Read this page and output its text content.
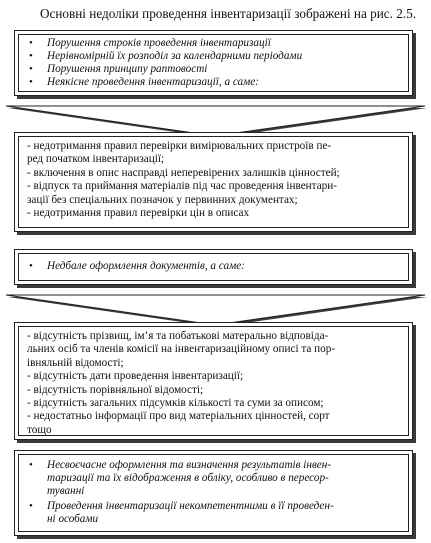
Основні недоліки проведення інвентаризації зображені на рис. 2.5.
• Порушення строків проведення інвентаризації
• Нерівномірній їх розподіл за календарними періодами
• Порушення принципу раптовості
• Неякісне проведення інвентаризації, а саме:
- недотримання правил перевірки вимірювальних пристроїв пе-
ред початком інвентаризації;
- включення в опис насправді неперевірених залишків цінностей;
- відпуск та приймання матеріалів під час проведення інвентари-
зації без спеціальних позначок у первинних документах;
- недотримання правил перевірки цін в описах
• Недбале оформлення документів, а саме:
- відсутність прізвищ, ім’я та побатькові матерально відповіда-
льних осіб та членів комісії на інвентаризаційному описі та пор-
івняльній відомості;
- відсутність дати проведення інвентаризації;
- відсутність порівняльної відомості;
- відсутність загальних підсумків кількості та суми за описом;
- недостатньо інформації про вид матеріальних цінностей, сорт
тощо
• Несвоєчасне оформлення та визначення результатів інвен-
таризації та їх відображення в обліку, особливо в пересор-
туванні
• Проведення інвентаризації некомпетентними в її проведен-
ні особами
